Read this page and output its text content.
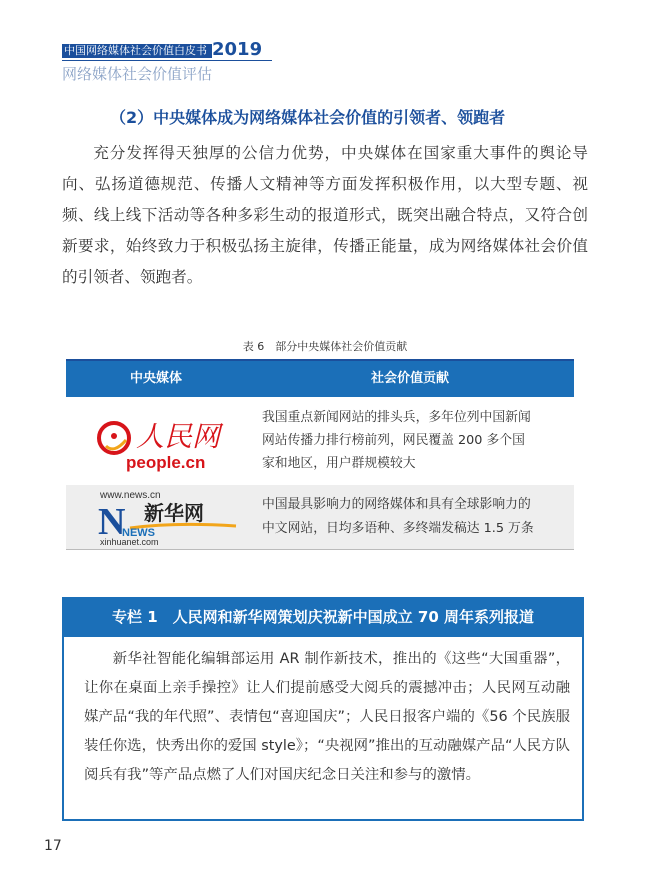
中国网络媒体社会价值白皮书 2019
网络媒体社会价值评估
（2）中央媒体成为网络媒体社会价值的引领者、领跑者
充分发挥得天独厚的公信力优势，中央媒体在国家重大事件的舆论导向、弘扬道德规范、传播人文精神等方面发挥积极作用，以大型专题、视频、线上线下活动等各种多彩生动的报道形式，既突出融合特点，又符合创新要求，始终致力于积极弘扬主旋律，传播正能量，成为网络媒体社会价值的引领者、领跑者。
表 6　部分中央媒体社会价值贡献
中央媒体	社会价值贡献
人民网
people.cn
www.news.cn
N 新华网
NEWS
xinhuanet.com
我国重点新闻网站的排头兵，多年位列中国新闻
网站传播力排行榜前列，网民覆盖 200 多个国
家和地区，用户群规模较大
中国最具影响力的网络媒体和具有全球影响力的
中文网站，日均多语种、多终端发稿达 1.5 万条
专栏 1　人民网和新华网策划庆祝新中国成立 70 周年系列报道
新华社智能化编辑部运用 AR 制作新技术，推出的《这些“大国重器”，让你在桌面上亲手操控》让人们提前感受大阅兵的震撼冲击；人民网互动融媒产品“我的年代照”、表情包“喜迎国庆”；人民日报客户端的《56 个民族服装任你选，快秀出你的爱国 style》；“央视网”推出的互动融媒产品“人民方队阅兵有我”等产品点燃了人们对国庆纪念日关注和参与的激情。
17
